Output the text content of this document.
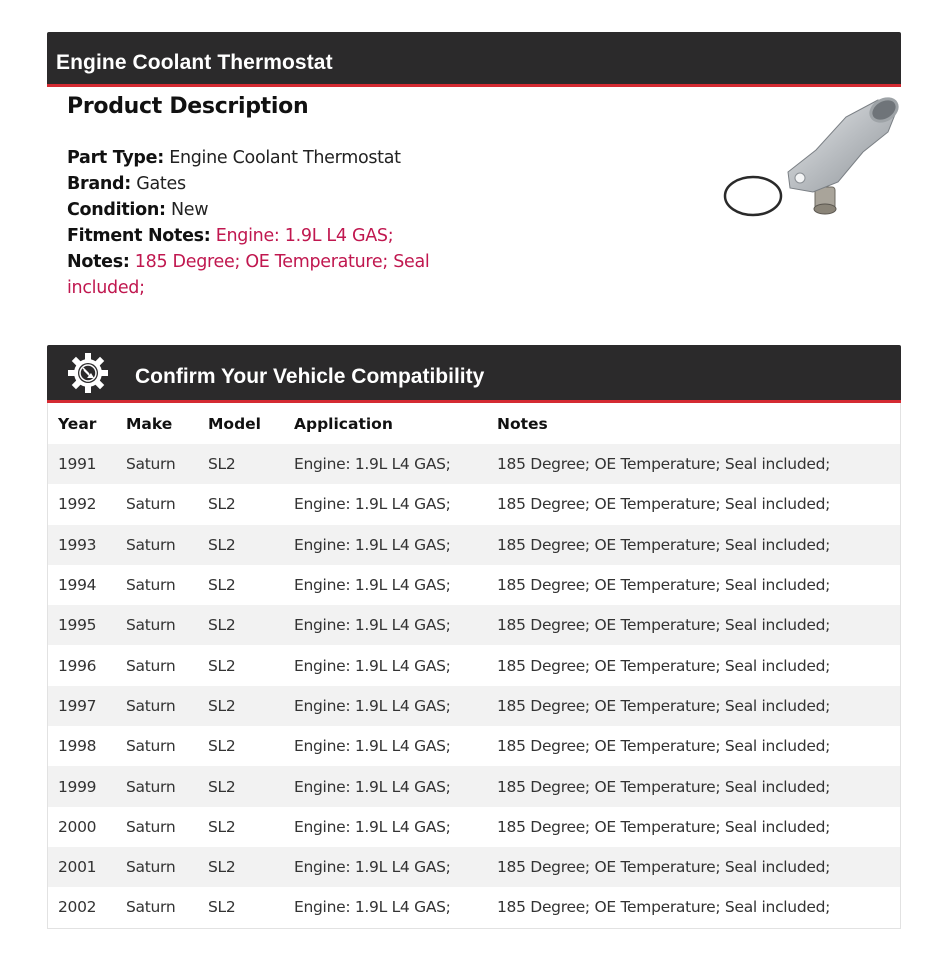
Engine Coolant Thermostat
Product Description
Part Type: Engine Coolant Thermostat
Brand: Gates
Condition: New
Fitment Notes: Engine: 1.9L L4 GAS;
Notes: 185 Degree; OE Temperature; Seal included;
Confirm Your Vehicle Compatibility
Year	Make	Model	Application	Notes
1991	Saturn	SL2	Engine: 1.9L L4 GAS;	185 Degree; OE Temperature; Seal included;
1992	Saturn	SL2	Engine: 1.9L L4 GAS;	185 Degree; OE Temperature; Seal included;
1993	Saturn	SL2	Engine: 1.9L L4 GAS;	185 Degree; OE Temperature; Seal included;
1994	Saturn	SL2	Engine: 1.9L L4 GAS;	185 Degree; OE Temperature; Seal included;
1995	Saturn	SL2	Engine: 1.9L L4 GAS;	185 Degree; OE Temperature; Seal included;
1996	Saturn	SL2	Engine: 1.9L L4 GAS;	185 Degree; OE Temperature; Seal included;
1997	Saturn	SL2	Engine: 1.9L L4 GAS;	185 Degree; OE Temperature; Seal included;
1998	Saturn	SL2	Engine: 1.9L L4 GAS;	185 Degree; OE Temperature; Seal included;
1999	Saturn	SL2	Engine: 1.9L L4 GAS;	185 Degree; OE Temperature; Seal included;
2000	Saturn	SL2	Engine: 1.9L L4 GAS;	185 Degree; OE Temperature; Seal included;
2001	Saturn	SL2	Engine: 1.9L L4 GAS;	185 Degree; OE Temperature; Seal included;
2002	Saturn	SL2	Engine: 1.9L L4 GAS;	185 Degree; OE Temperature; Seal included;
